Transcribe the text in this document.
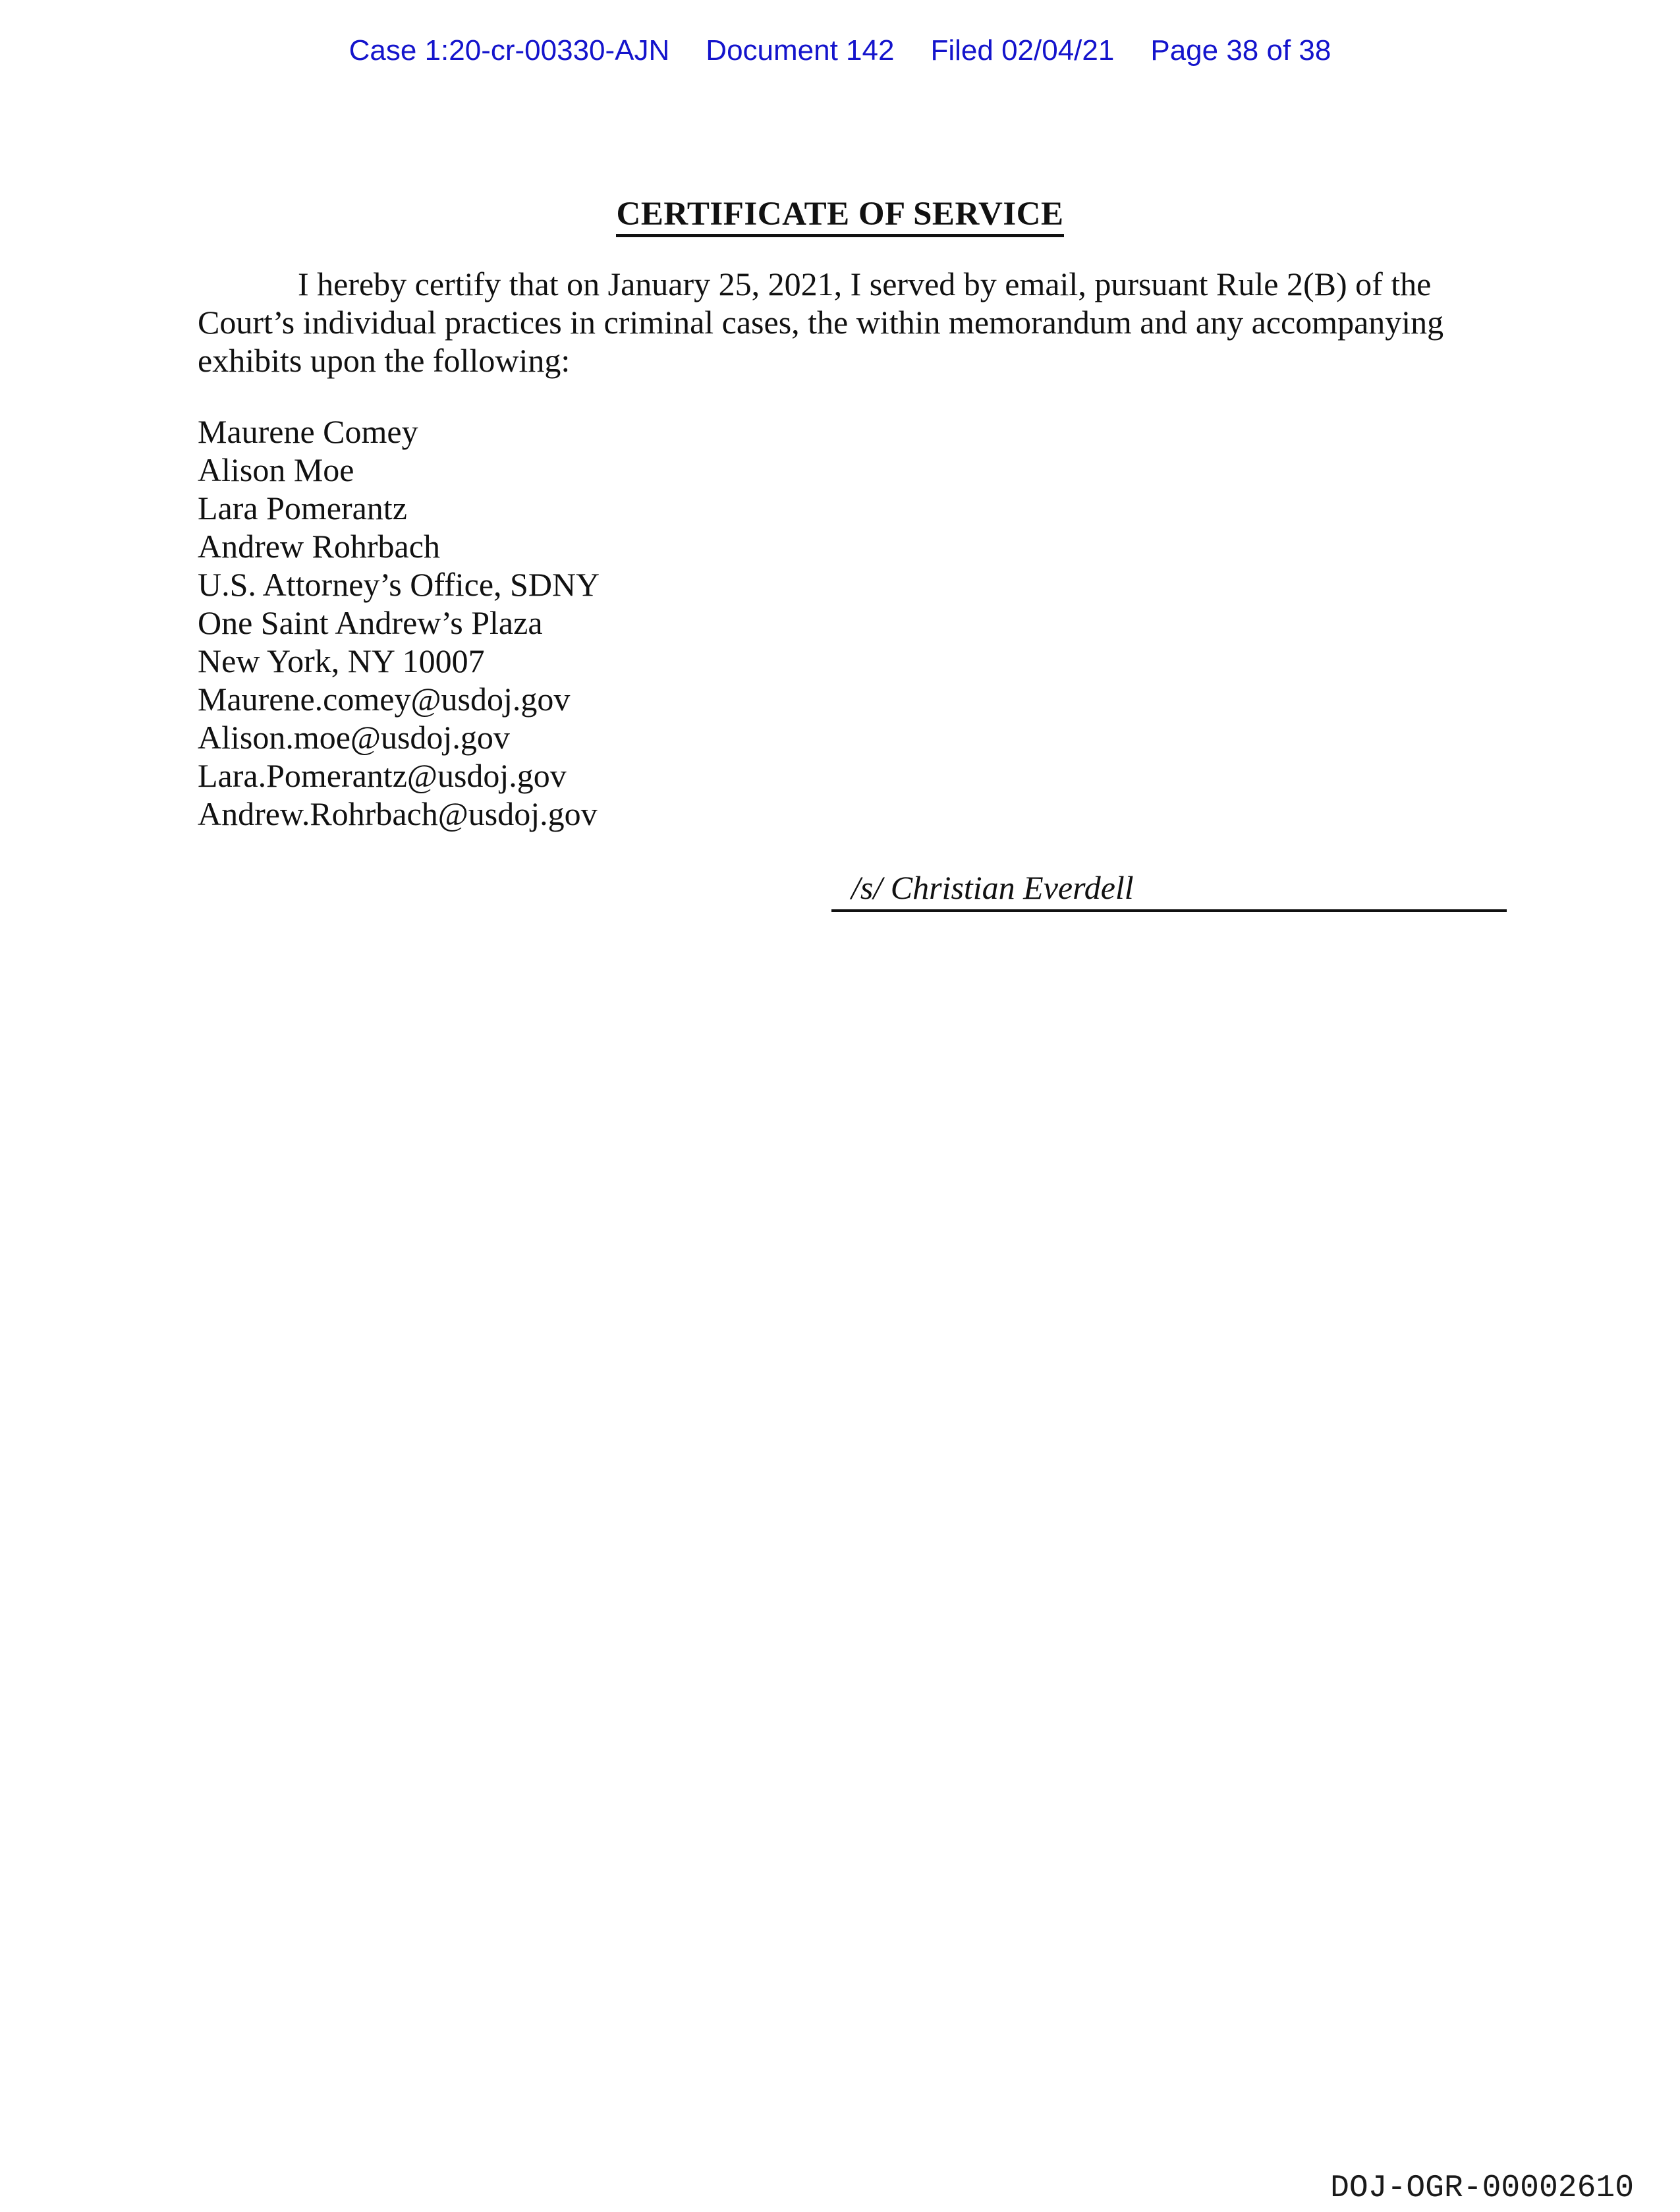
Case 1:20-cr-00330-AJN Document 142 Filed 02/04/21 Page 38 of 38
CERTIFICATE OF SERVICE

I hereby certify that on January 25, 2021, I served by email, pursuant Rule 2(B) of the Court’s individual practices in criminal cases, the within memorandum and any accompanying exhibits upon the following:

Maurene Comey
Alison Moe
Lara Pomerantz
Andrew Rohrbach
U.S. Attorney’s Office, SDNY
One Saint Andrew’s Plaza
New York, NY 10007
Maurene.comey@usdoj.gov
Alison.moe@usdoj.gov
Lara.Pomerantz@usdoj.gov
Andrew.Rohrbach@usdoj.gov
/s/ Christian Everdell
DOJ-OGR-00002610
